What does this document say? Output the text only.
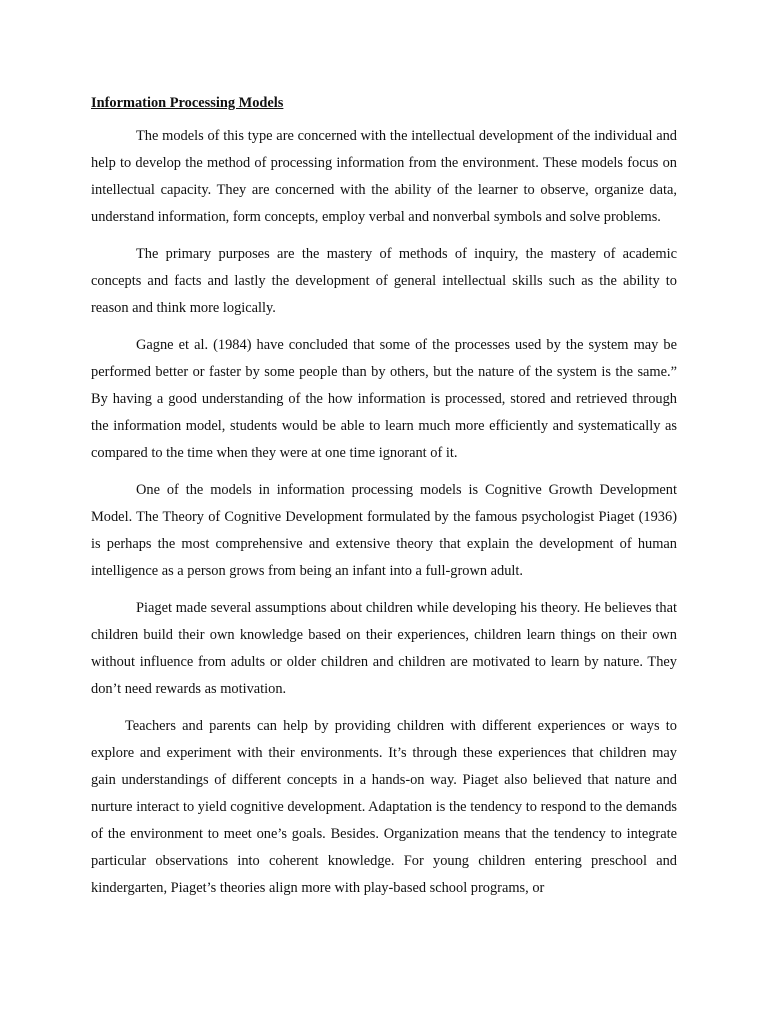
Information Processing Models

The models of this type are concerned with the intellectual development of the individual and help to develop the method of processing information from the environment. These models focus on intellectual capacity. They are concerned with the ability of the learner to observe, organize data, understand information, form concepts, employ verbal and nonverbal symbols and solve problems.

The primary purposes are the mastery of methods of inquiry, the mastery of academic concepts and facts and lastly the development of general intellectual skills such as the ability to reason and think more logically.

Gagne et al. (1984) have concluded that some of the processes used by the system may be performed better or faster by some people than by others, but the nature of the system is the same.” By having a good understanding of the how information is processed, stored and retrieved through the information model, students would be able to learn much more efficiently and systematically as compared to the time when they were at one time ignorant of it.

One of the models in information processing models is Cognitive Growth Development Model. The Theory of Cognitive Development formulated by the famous psychologist Piaget (1936) is perhaps the most comprehensive and extensive theory that explain the development of human intelligence as a person grows from being an infant into a full-grown adult.

Piaget made several assumptions about children while developing his theory. He believes that children build their own knowledge based on their experiences, children learn things on their own without influence from adults or older children and children are motivated to learn by nature. They don’t need rewards as motivation.

Teachers and parents can help by providing children with different experiences or ways to explore and experiment with their environments. It’s through these experiences that children may gain understandings of different concepts in a hands-on way. Piaget also believed that nature and nurture interact to yield cognitive development. Adaptation is the tendency to respond to the demands of the environment to meet one’s goals. Besides. Organization means that the tendency to integrate particular observations into coherent knowledge. For young children entering preschool and kindergarten, Piaget’s theories align more with play-based school programs, or
